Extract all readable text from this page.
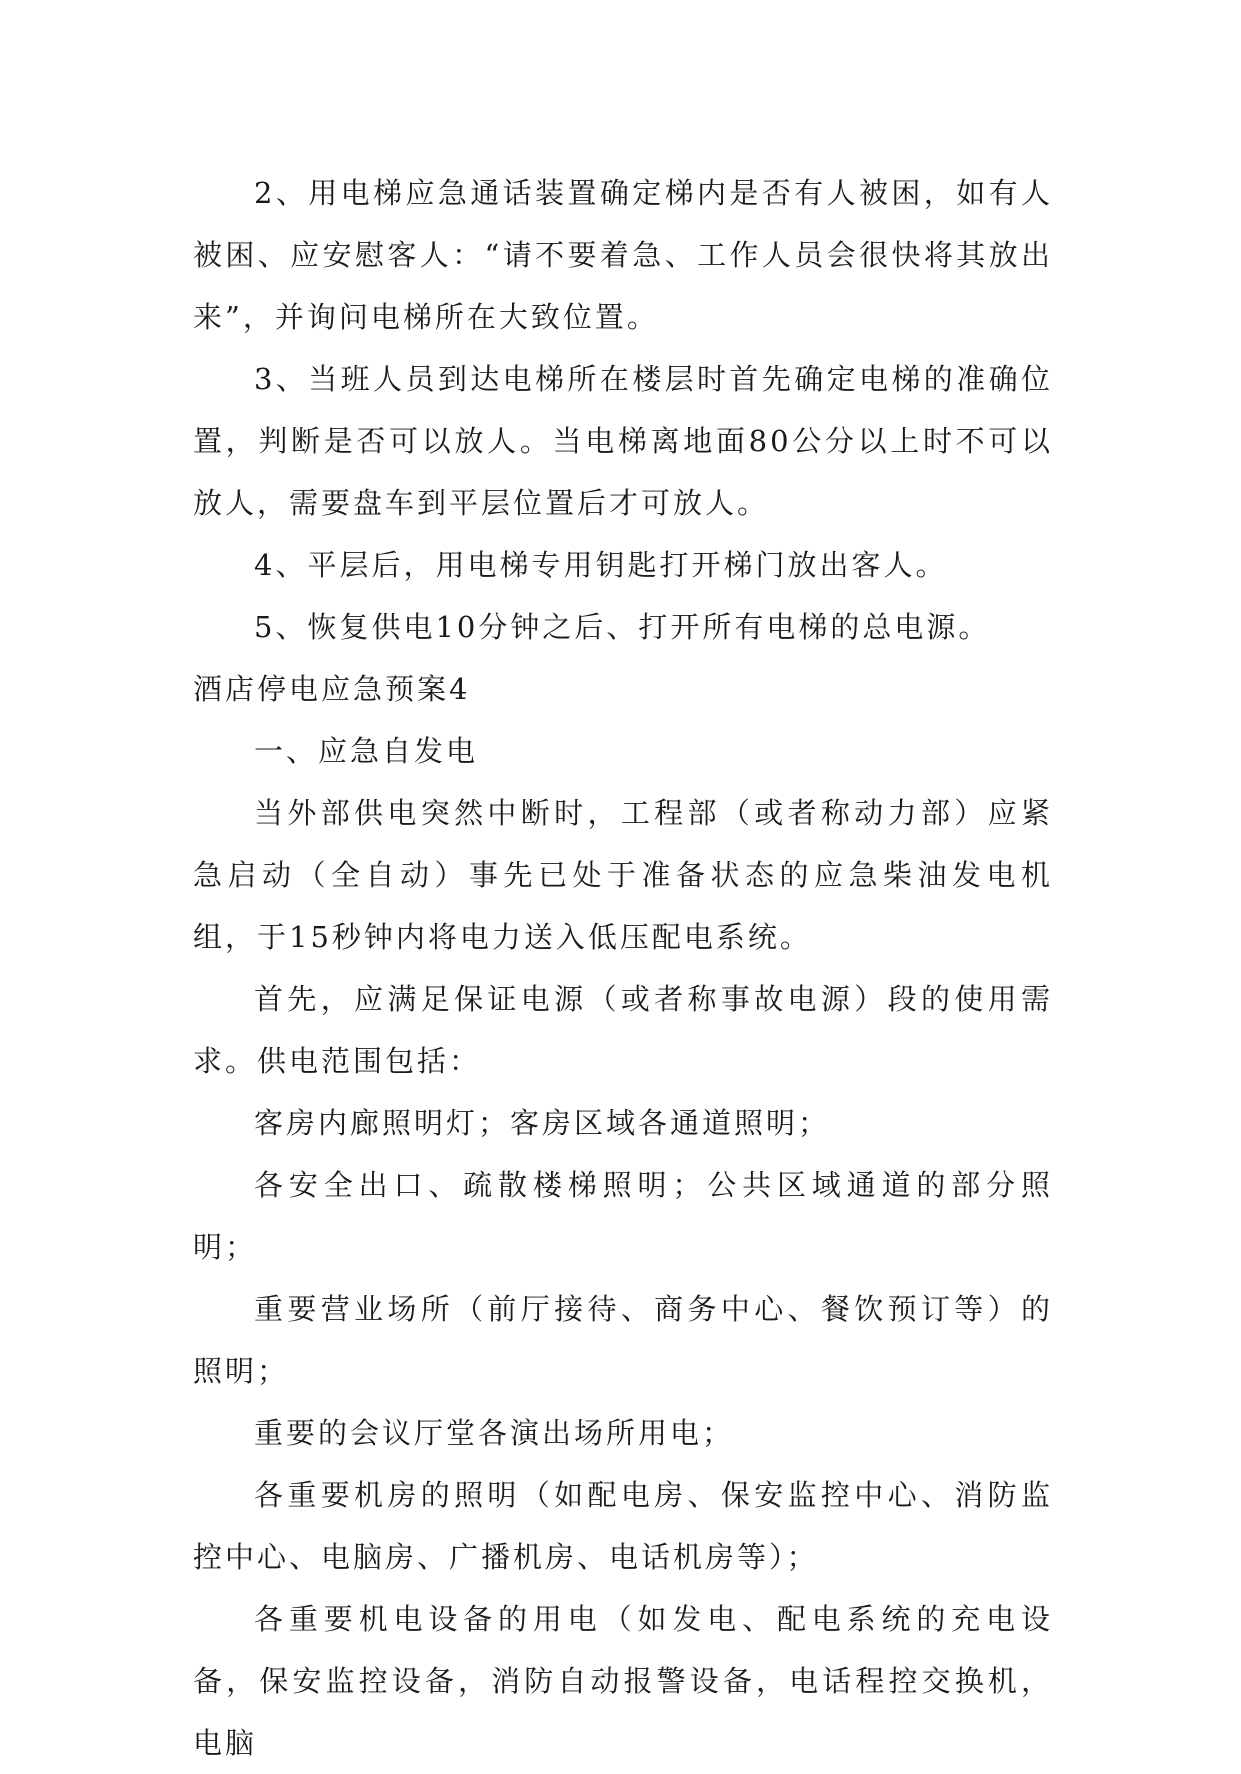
2、用电梯应急通话装置确定梯内是否有人被困，如有人被困、应安慰客人：“请不要着急、工作人员会很快将其放出来”，并询问电梯所在大致位置。

3、当班人员到达电梯所在楼层时首先确定电梯的准确位置，判断是否可以放人。当电梯离地面80公分以上时不可以放人，需要盘车到平层位置后才可放人。

4、平层后，用电梯专用钥匙打开梯门放出客人。

5、恢复供电10分钟之后、打开所有电梯的总电源。

酒店停电应急预案4

一、应急自发电

当外部供电突然中断时，工程部（或者称动力部）应紧急启动（全自动）事先已处于准备状态的应急柴油发电机组，于15秒钟内将电力送入低压配电系统。

首先，应满足保证电源（或者称事故电源）段的使用需求。供电范围包括：

客房内廊照明灯；客房区域各通道照明；

各安全出口、疏散楼梯照明；公共区域通道的部分照明；

重要营业场所（前厅接待、商务中心、餐饮预订等）的照明；

重要的会议厅堂各演出场所用电；

各重要机房的照明（如配电房、保安监控中心、消防监控中心、电脑房、广播机房、电话机房等）；

各重要机电设备的用电（如发电、配电系统的充电设备，保安监控设备，消防自动报警设备，电话程控交换机，电脑
